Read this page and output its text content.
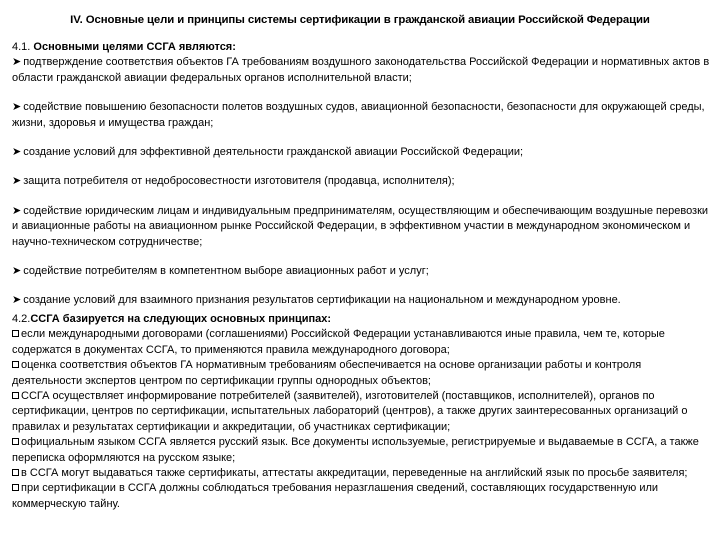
IV. Основные цели и принципы системы сертификации в гражданской авиации Российской Федерации
4.1. Основными целями ССГА являются:
➤ подтверждение соответствия объектов ГА требованиям воздушного законодательства Российской Федерации и нормативных актов в области гражданской авиации федеральных органов исполнительной власти;
➤ содействие повышению безопасности полетов воздушных судов, авиационной безопасности, безопасности для окружающей среды, жизни, здоровья и имущества граждан;
➤ создание условий для эффективной деятельности гражданской авиации Российской Федерации;
➤ защита потребителя от недобросовестности изготовителя (продавца, исполнителя);
➤ содействие юридическим лицам и индивидуальным предпринимателям, осуществляющим и обеспечивающим воздушные перевозки и авиационные работы на авиационном рынке Российской Федерации, в эффективном участии в международном экономическом и научно-техническом сотрудничестве;
➤ содействие потребителям в компетентном выборе авиационных работ и услуг;
➤ создание условий для взаимного признания результатов сертификации на национальном и международном уровне.
4.2.ССГА базируется на следующих основных принципах:
если международными договорами (соглашениями) Российской Федерации устанавливаются иные правила, чем те, которые содержатся в документах ССГА, то применяются правила международного договора;
оценка соответствия объектов ГА нормативным требованиям обеспечивается на основе организации работы и контроля деятельности экспертов центром по сертификации группы однородных объектов;
ССГА осуществляет информирование потребителей (заявителей), изготовителей (поставщиков, исполнителей), органов по сертификации, центров по сертификации, испытательных лабораторий (центров), а также других заинтересованных организаций о правилах и результатах сертификации и аккредитации, об участниках сертификации;
официальным языком ССГА является русский язык. Все документы используемые, регистрируемые и выдаваемые в ССГА, а также переписка оформляются на русском языке;
в ССГА могут выдаваться также сертификаты, аттестаты аккредитации, переведенные на английский язык по просьбе заявителя;
при сертификации в ССГА должны соблюдаться требования неразглашения сведений, составляющих государственную или коммерческую тайну.
